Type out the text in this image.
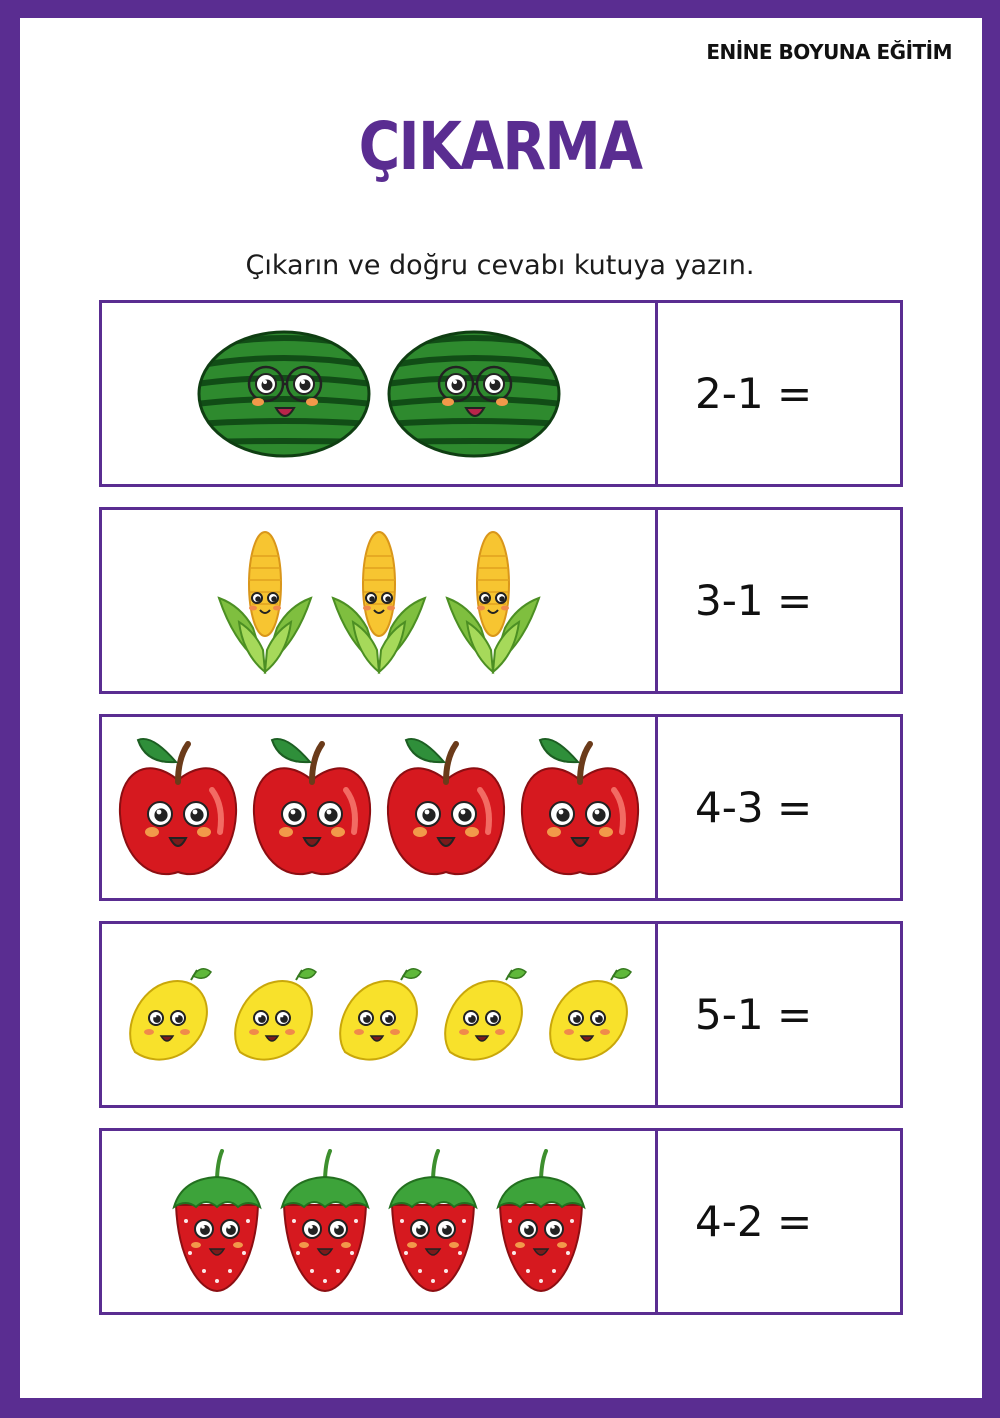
ENİNE BOYUNA EĞİTİM
ÇIKARMA
Çıkarın ve doğru cevabı kutuya yazın.
2-1 =
3-1 =
4-3 =
5-1 =
4-2 =
